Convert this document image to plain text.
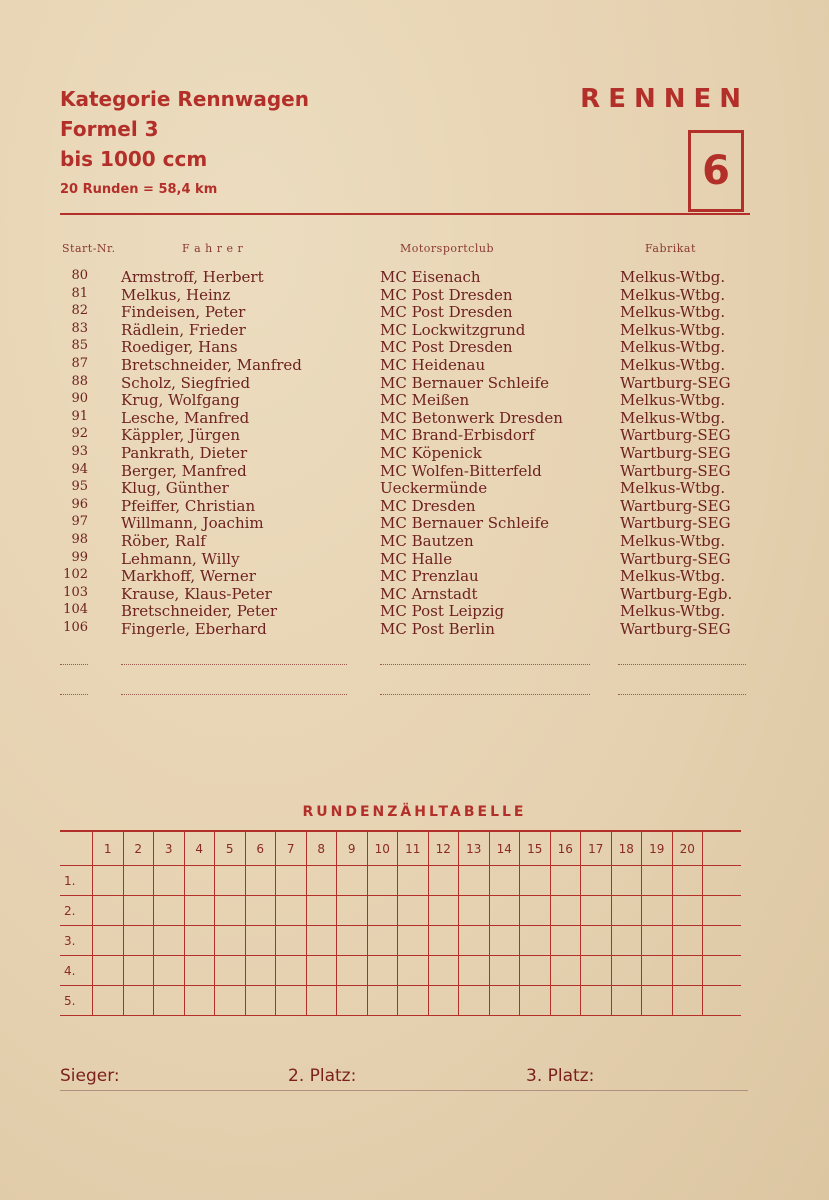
Kategorie Rennwagen
Formel 3
bis 1000 ccm
20 Runden = 58,4 km
RENNEN
6
Start-Nr.	F a h r e r	Motorsportclub	Fabrikat
80 Armstroff, Herbert	MC Eisenach	Melkus-Wtbg.
81 Melkus, Heinz	MC Post Dresden	Melkus-Wtbg.
82 Findeisen, Peter	MC Post Dresden	Melkus-Wtbg.
83 Rädlein, Frieder	MC Lockwitzgrund	Melkus-Wtbg.
85 Roediger, Hans	MC Post Dresden	Melkus-Wtbg.
87 Bretschneider, Manfred	MC Heidenau	Melkus-Wtbg.
88 Scholz, Siegfried	MC Bernauer Schleife	Wartburg-SEG
90 Krug, Wolfgang	MC Meißen	Melkus-Wtbg.
91 Lesche, Manfred	MC Betonwerk Dresden	Melkus-Wtbg.
92 Käppler, Jürgen	MC Brand-Erbisdorf	Wartburg-SEG
93 Pankrath, Dieter	MC Köpenick	Wartburg-SEG
94 Berger, Manfred	MC Wolfen-Bitterfeld	Wartburg-SEG
95 Klug, Günther	Ueckermünde	Melkus-Wtbg.
96 Pfeiffer, Christian	MC Dresden	Wartburg-SEG
97 Willmann, Joachim	MC Bernauer Schleife	Wartburg-SEG
98 Röber, Ralf	MC Bautzen	Melkus-Wtbg.
99 Lehmann, Willy	MC Halle	Wartburg-SEG
102 Markhoff, Werner	MC Prenzlau	Melkus-Wtbg.
103 Krause, Klaus-Peter	MC Arnstadt	Wartburg-Egb.
104 Bretschneider, Peter	MC Post Leipzig	Melkus-Wtbg.
106 Fingerle, Eberhard	MC Post Berlin	Wartburg-SEG
RUNDENZÄHLTABELLE
	1	2	3	4	5	6	7	8	9	10	11	12	13	14	15	16	17	18	19	20	
1.																					
2.																					
3.																					
4.																					
5.																					
Sieger:	2. Platz:	3. Platz:
